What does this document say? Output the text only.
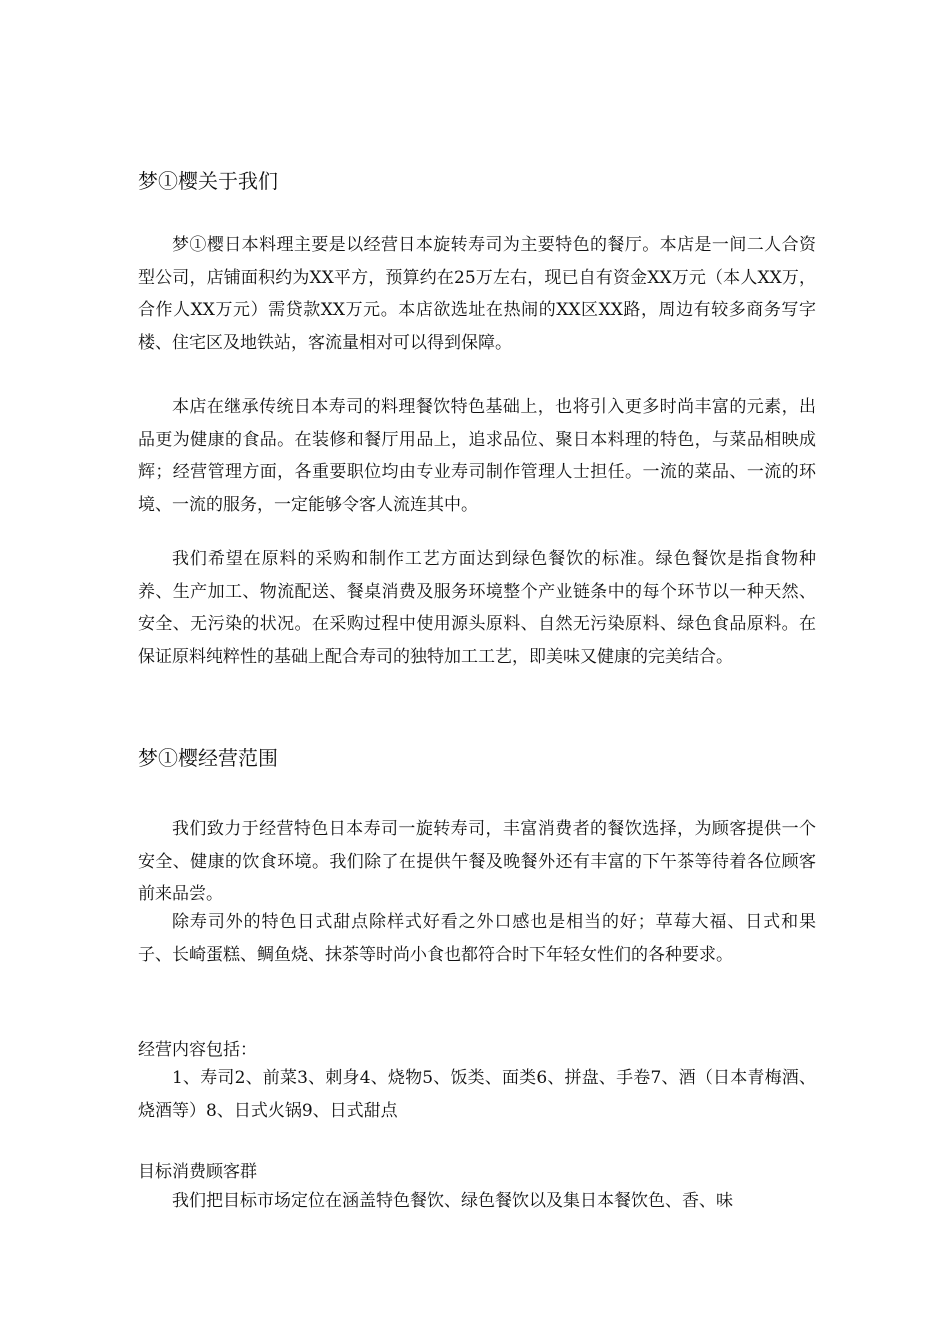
梦①樱关于我们
梦①樱日本料理主要是以经营日本旋转寿司为主要特色的餐厅。本店是一间二人合资型公司，店铺面积约为XX平方，预算约在25万左右，现已自有资金XX万元（本人XX万，合作人XX万元）需贷款XX万元。本店欲选址在热闹的XX区XX路，周边有较多商务写字楼、住宅区及地铁站，客流量相对可以得到保障。
本店在继承传统日本寿司的料理餐饮特色基础上，也将引入更多时尚丰富的元素，出品更为健康的食品。在装修和餐厅用品上，追求品位、聚日本料理的特色，与菜品相映成辉；经营管理方面，各重要职位均由专业寿司制作管理人士担任。一流的菜品、一流的环境、一流的服务，一定能够令客人流连其中。
我们希望在原料的采购和制作工艺方面达到绿色餐饮的标准。绿色餐饮是指食物种养、生产加工、物流配送、餐桌消费及服务环境整个产业链条中的每个环节以一种天然、安全、无污染的状况。在采购过程中使用源头原料、自然无污染原料、绿色食品原料。在保证原料纯粹性的基础上配合寿司的独特加工工艺，即美味又健康的完美结合。
梦①樱经营范围
我们致力于经营特色日本寿司一旋转寿司，丰富消费者的餐饮选择，为顾客提供一个安全、健康的饮食环境。我们除了在提供午餐及晚餐外还有丰富的下午茶等待着各位顾客前来品尝。
除寿司外的特色日式甜点除样式好看之外口感也是相当的好；草莓大福、日式和果子、长崎蛋糕、鲷鱼烧、抹茶等时尚小食也都符合时下年轻女性们的各种要求。
经营内容包括：
1、寿司2、前菜3、刺身4、烧物5、饭类、面类6、拼盘、手卷7、酒（日本青梅酒、烧酒等）8、日式火锅9、日式甜点
目标消费顾客群
我们把目标市场定位在涵盖特色餐饮、绿色餐饮以及集日本餐饮色、香、味
